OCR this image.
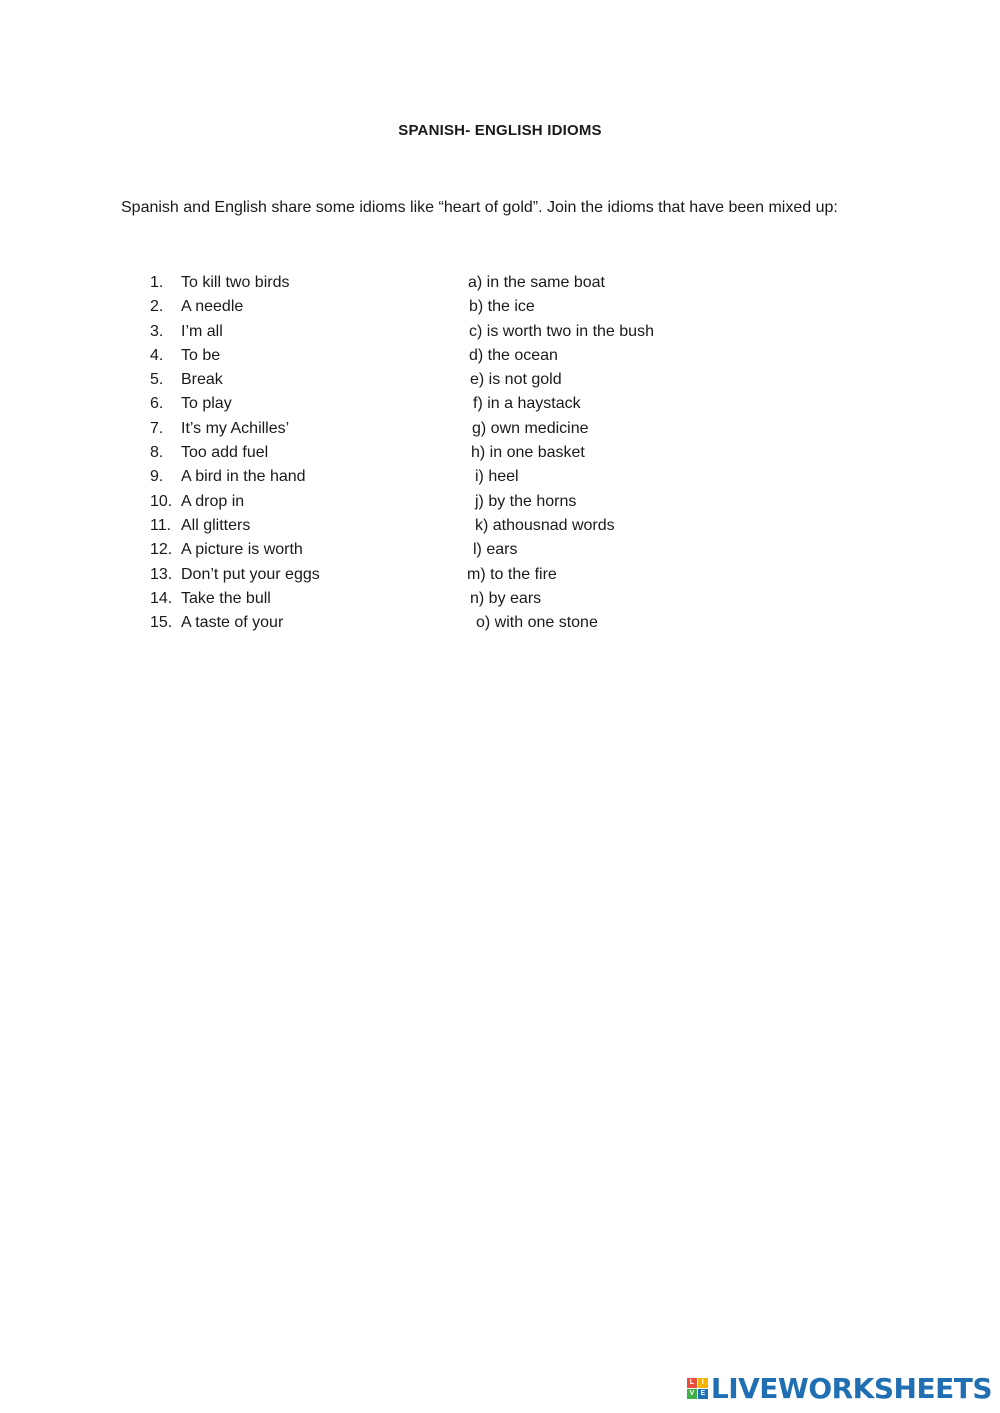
SPANISH- ENGLISH IDIOMS
Spanish and English share some idioms like “heart of gold”. Join the idioms that have been mixed up:
1. To kill two birds	a) in the same boat
2. A needle	b) the ice
3. I’m all	c) is worth two in the bush
4. To be	d) the ocean
5. Break	e) is not gold
6. To play	f) in a haystack
7. It’s my Achilles’	g) own medicine
8. Too add fuel	h) in one basket
9. A bird in the hand	i) heel
10. A drop in	j) by the horns
11. All glitters	k) athousnad words
12. A picture is worth	l) ears
13. Don’t put your eggs	m) to the fire
14. Take the bull	n) by ears
15. A taste of your	o) with one stone
L	I
V E LIVEWORKSHEETS
